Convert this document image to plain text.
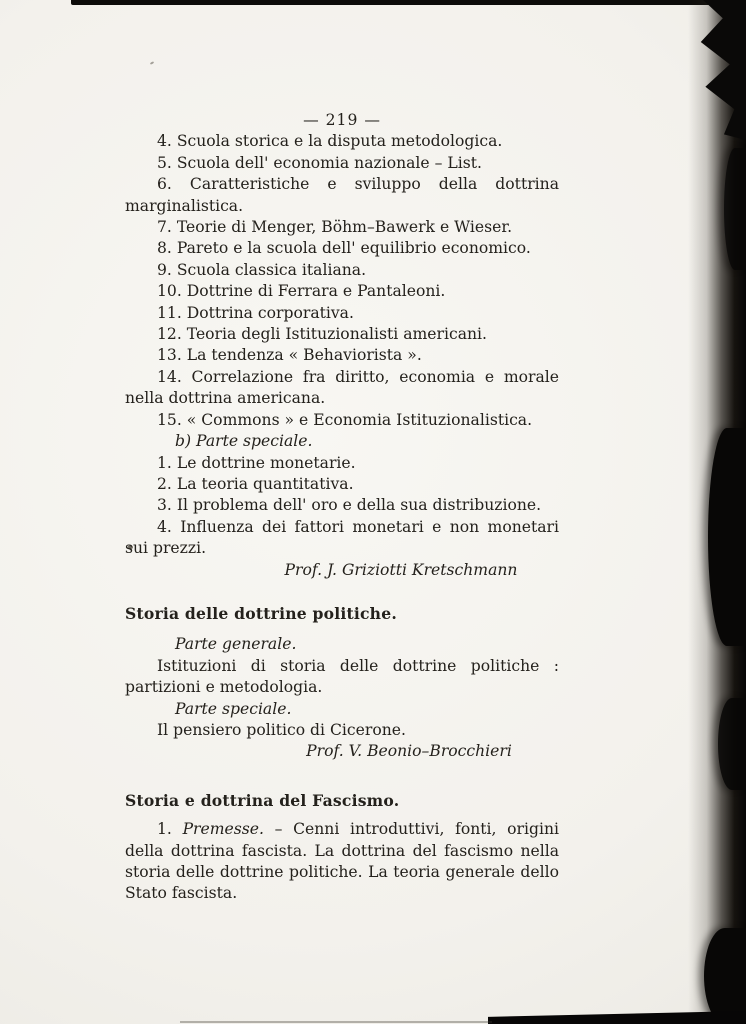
— 219 —

4. Scuola storica e la disputa metodologica.

5. Scuola dell' economia nazionale – List.

6. Caratteristiche e sviluppo della dottrina marginalistica.

7. Teorie di Menger, Böhm–Bawerk e Wieser.

8. Pareto e la scuola dell' equilibrio economico.

9. Scuola classica italiana.

10. Dottrine di Ferrara e Pantaleoni.

11. Dottrina corporativa.

12. Teoria degli Istituzionalisti americani.

13. La tendenza « Behaviorista ».

14. Correlazione fra diritto, economia e morale nella dottrina americana.

15. « Commons » e Economia Istituzionalistica.

b) Parte speciale.

1. Le dottrine monetarie.

2. La teoria quantitativa.

3. Il problema dell' oro e della sua distribuzione.

4. Influenza dei fattori monetari e non monetari sui prezzi.

Prof. J. Griziotti Kretschmann

Storia delle dottrine politiche.

Parte generale.

Istituzioni di storia delle dottrine politiche : partizioni e metodologia.

Parte speciale.

Il pensiero politico di Cicerone.

Prof. V. Beonio–Brocchieri

Storia e dottrina del Fascismo.

1. Premesse. – Cenni introduttivi, fonti, origini della dottrina fascista. La dottrina del fascismo nella storia delle dottrine politiche. La teoria generale dello Stato fascista.
